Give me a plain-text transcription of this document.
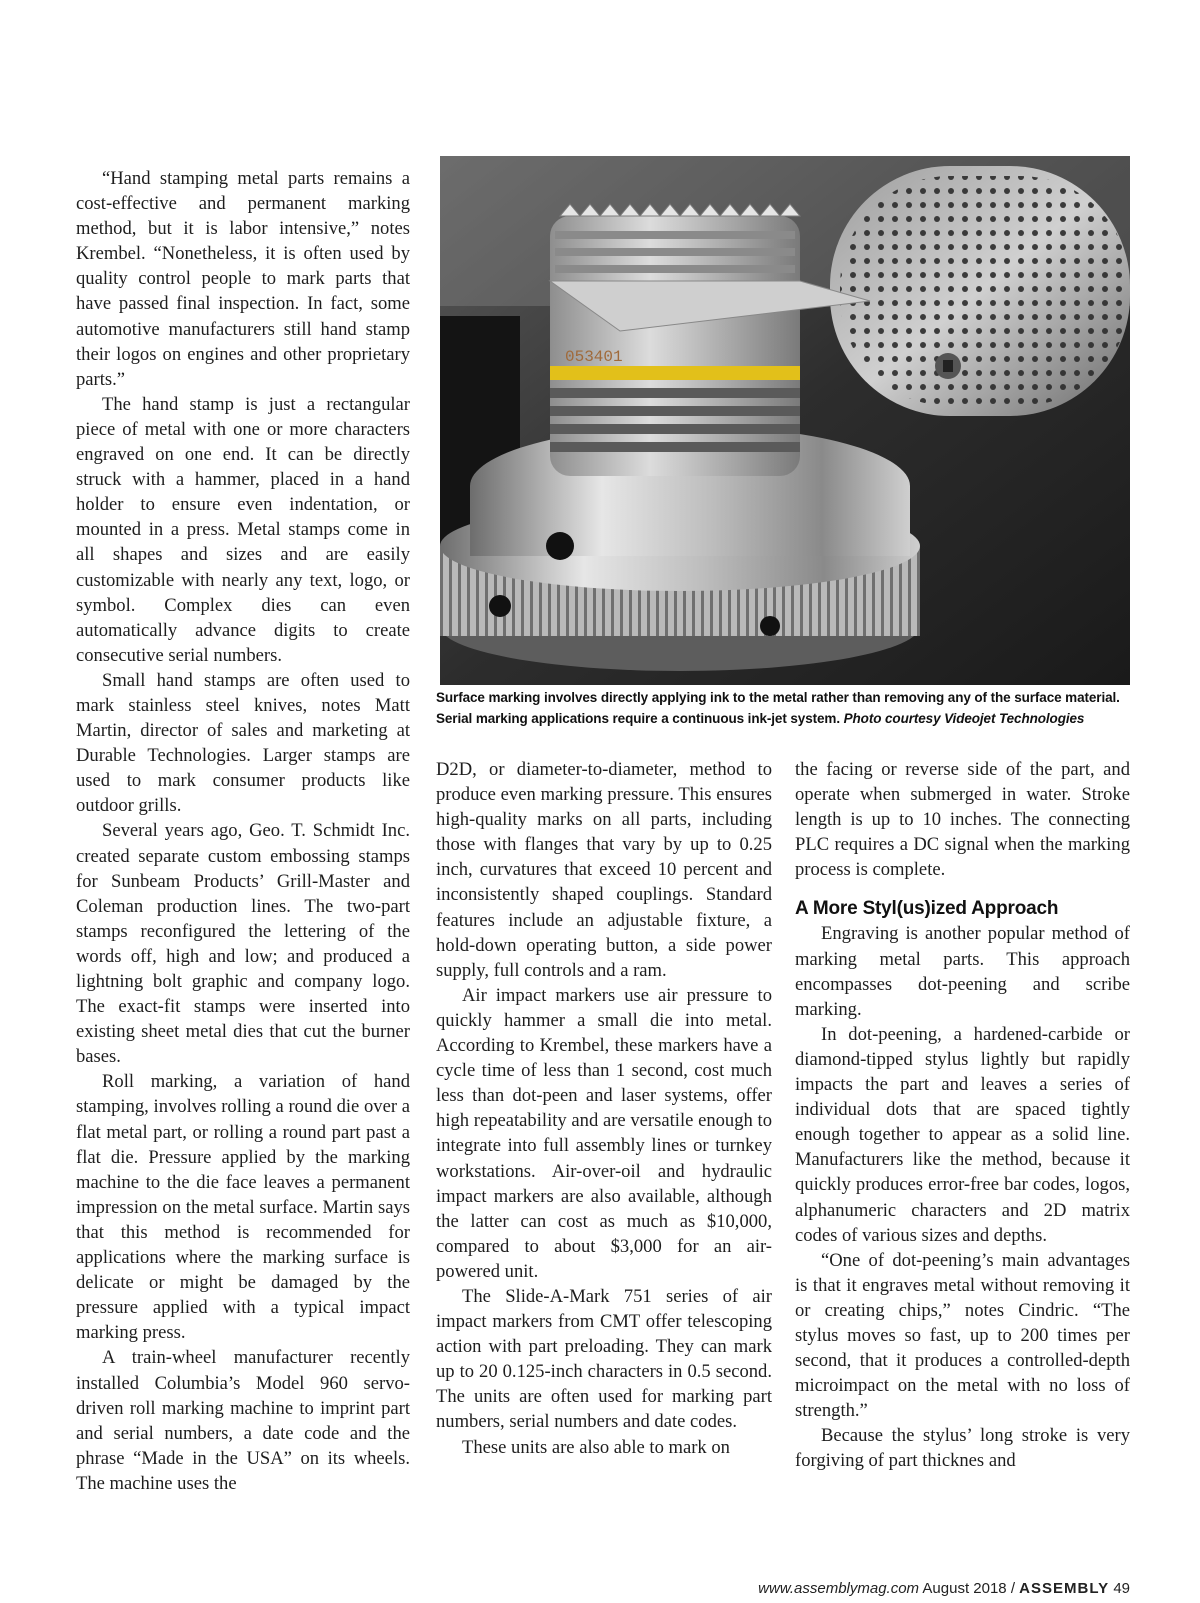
“Hand stamping metal parts remains a cost-effective and permanent marking method, but it is labor intensive,” notes Krembel. “Nonetheless, it is often used by quality control people to mark parts that have passed final inspection. In fact, some automotive manufacturers still hand stamp their logos on engines and other proprietary parts.”

The hand stamp is just a rectangular piece of metal with one or more characters engraved on one end. It can be directly struck with a hammer, placed in a hand holder to ensure even indentation, or mounted in a press. Metal stamps come in all shapes and sizes and are easily customizable with nearly any text, logo, or symbol. Complex dies can even automatically advance digits to create consecutive serial numbers.

Small hand stamps are often used to mark stainless steel knives, notes Matt Martin, director of sales and marketing at Durable Technologies. Larger stamps are used to mark consumer products like outdoor grills.

Several years ago, Geo. T. Schmidt Inc. created separate custom embossing stamps for Sunbeam Products’ Grill-Master and Coleman production lines. The two-part stamps reconfigured the lettering of the words off, high and low; and produced a lightning bolt graphic and company logo. The exact-fit stamps were inserted into existing sheet metal dies that cut the burner bases.

Roll marking, a variation of hand stamping, involves rolling a round die over a flat metal part, or rolling a round part past a flat die. Pressure applied by the marking machine to the die face leaves a permanent impression on the metal surface. Martin says that this method is recommended for applications where the marking surface is delicate or might be damaged by the pressure applied with a typical impact marking press.

A train-wheel manufacturer recently installed Columbia’s Model 960 servo-driven roll marking machine to imprint part and serial numbers, a date code and the phrase “Made in the USA” on its wheels. The machine uses the

053401
Surface marking involves directly applying ink to the metal rather than removing any of the surface material. Serial marking applications require a continuous ink-jet system. Photo courtesy Videojet Technologies

D2D, or diameter-to-diameter, method to produce even marking pressure. This ensures high-quality marks on all parts, including those with flanges that vary by up to 0.25 inch, curvatures that exceed 10 percent and inconsistently shaped couplings. Standard features include an adjustable fixture, a hold-down operating button, a side power supply, full controls and a ram.

Air impact markers use air pressure to quickly hammer a small die into metal. According to Krembel, these markers have a cycle time of less than 1 second, cost much less than dot-peen and laser systems, offer high repeatability and are versatile enough to integrate into full assembly lines or turnkey workstations. Air-over-oil and hydraulic impact markers are also available, although the latter can cost as much as $10,000, compared to about $3,000 for an air-powered unit.

The Slide-A-Mark 751 series of air impact markers from CMT offer telescoping action with part preloading. They can mark up to 20 0.125-inch characters in 0.5 second. The units are often used for marking part numbers, serial numbers and date codes.

These units are also able to mark on

the facing or reverse side of the part, and operate when submerged in water. Stroke length is up to 10 inches. The connecting PLC requires a DC signal when the marking process is complete.

A More Styl(us)ized Approach

Engraving is another popular method of marking metal parts. This approach encompasses dot-peening and scribe marking.

In dot-peening, a hardened-carbide or diamond-tipped stylus lightly but rapidly impacts the part and leaves a series of individual dots that are spaced tightly enough together to appear as a solid line. Manufacturers like the method, because it quickly produces error-free bar codes, logos, alphanumeric characters and 2D matrix codes of various sizes and depths.

“One of dot-peening’s main advantages is that it engraves metal without removing it or creating chips,” notes Cindric. “The stylus moves so fast, up to 200 times per second, that it produces a controlled-depth microimpact on the metal with no loss of strength.”

Because the stylus’ long stroke is very forgiving of part thicknes and

www.assemblymag.com August 2018 / ASSEMBLY 49
